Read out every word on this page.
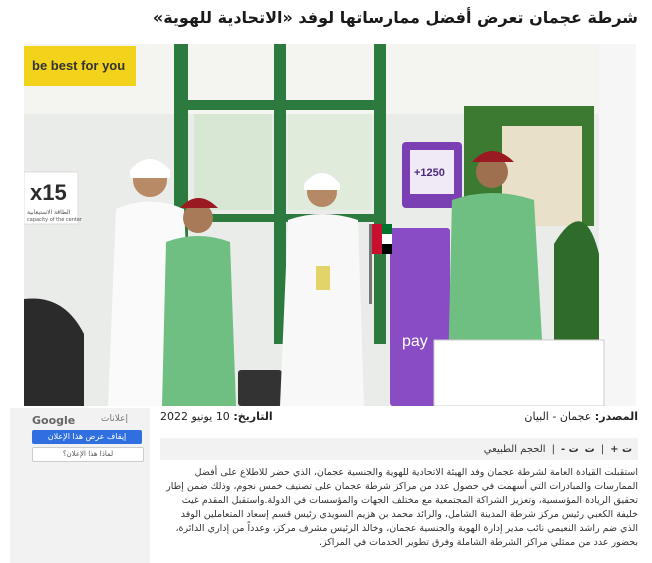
شرطة عجمان تعرض أفضل ممارساتها لوفد «الاتحادية للهوية»
be best for you
x15
الطاقة الاستيعابية
capacity of the center
+1250
pay
المصدر: عجمان - البيان
التاريخ: 10 يونيو 2022
Google	إعلانات
إيقاف عرض هذا الإعلان
لماذا هذا الإعلان؟	ت +
|
ت
ت -
|
الحجم الطبيعي
استقبلت القيادة العامة لشرطة عجمان وفد الهيئة الاتحادية للهوية والجنسية عجمان، الذي حضر للاطلاع على أفضل الممارسات والمبادرات التي أسهمت في حصول عدد من مراكز شرطة عجمان على تصنيف خمس نجوم، وذلك ضمن إطار تحقيق الريادة المؤسسية، وتعزيز الشراكة المجتمعية مع مختلف الجهات والمؤسسات في الدولة.واستقبل المقدم غيث خليفة الكعبي رئيس مركز شرطة المدينة الشامل، والرائد محمد بن هزيم السويدي رئيس قسم إسعاد المتعاملين الوفد الذي ضم راشد النعيمي نائب مدير إدارة الهوية والجنسية عجمان، وخالد الرئيس مشرف مركز، وعدداً من إداري الدائرة، بحضور عدد من ممثلي مراكز الشرطة الشاملة وفرق تطوير الخدمات في المراكز.
